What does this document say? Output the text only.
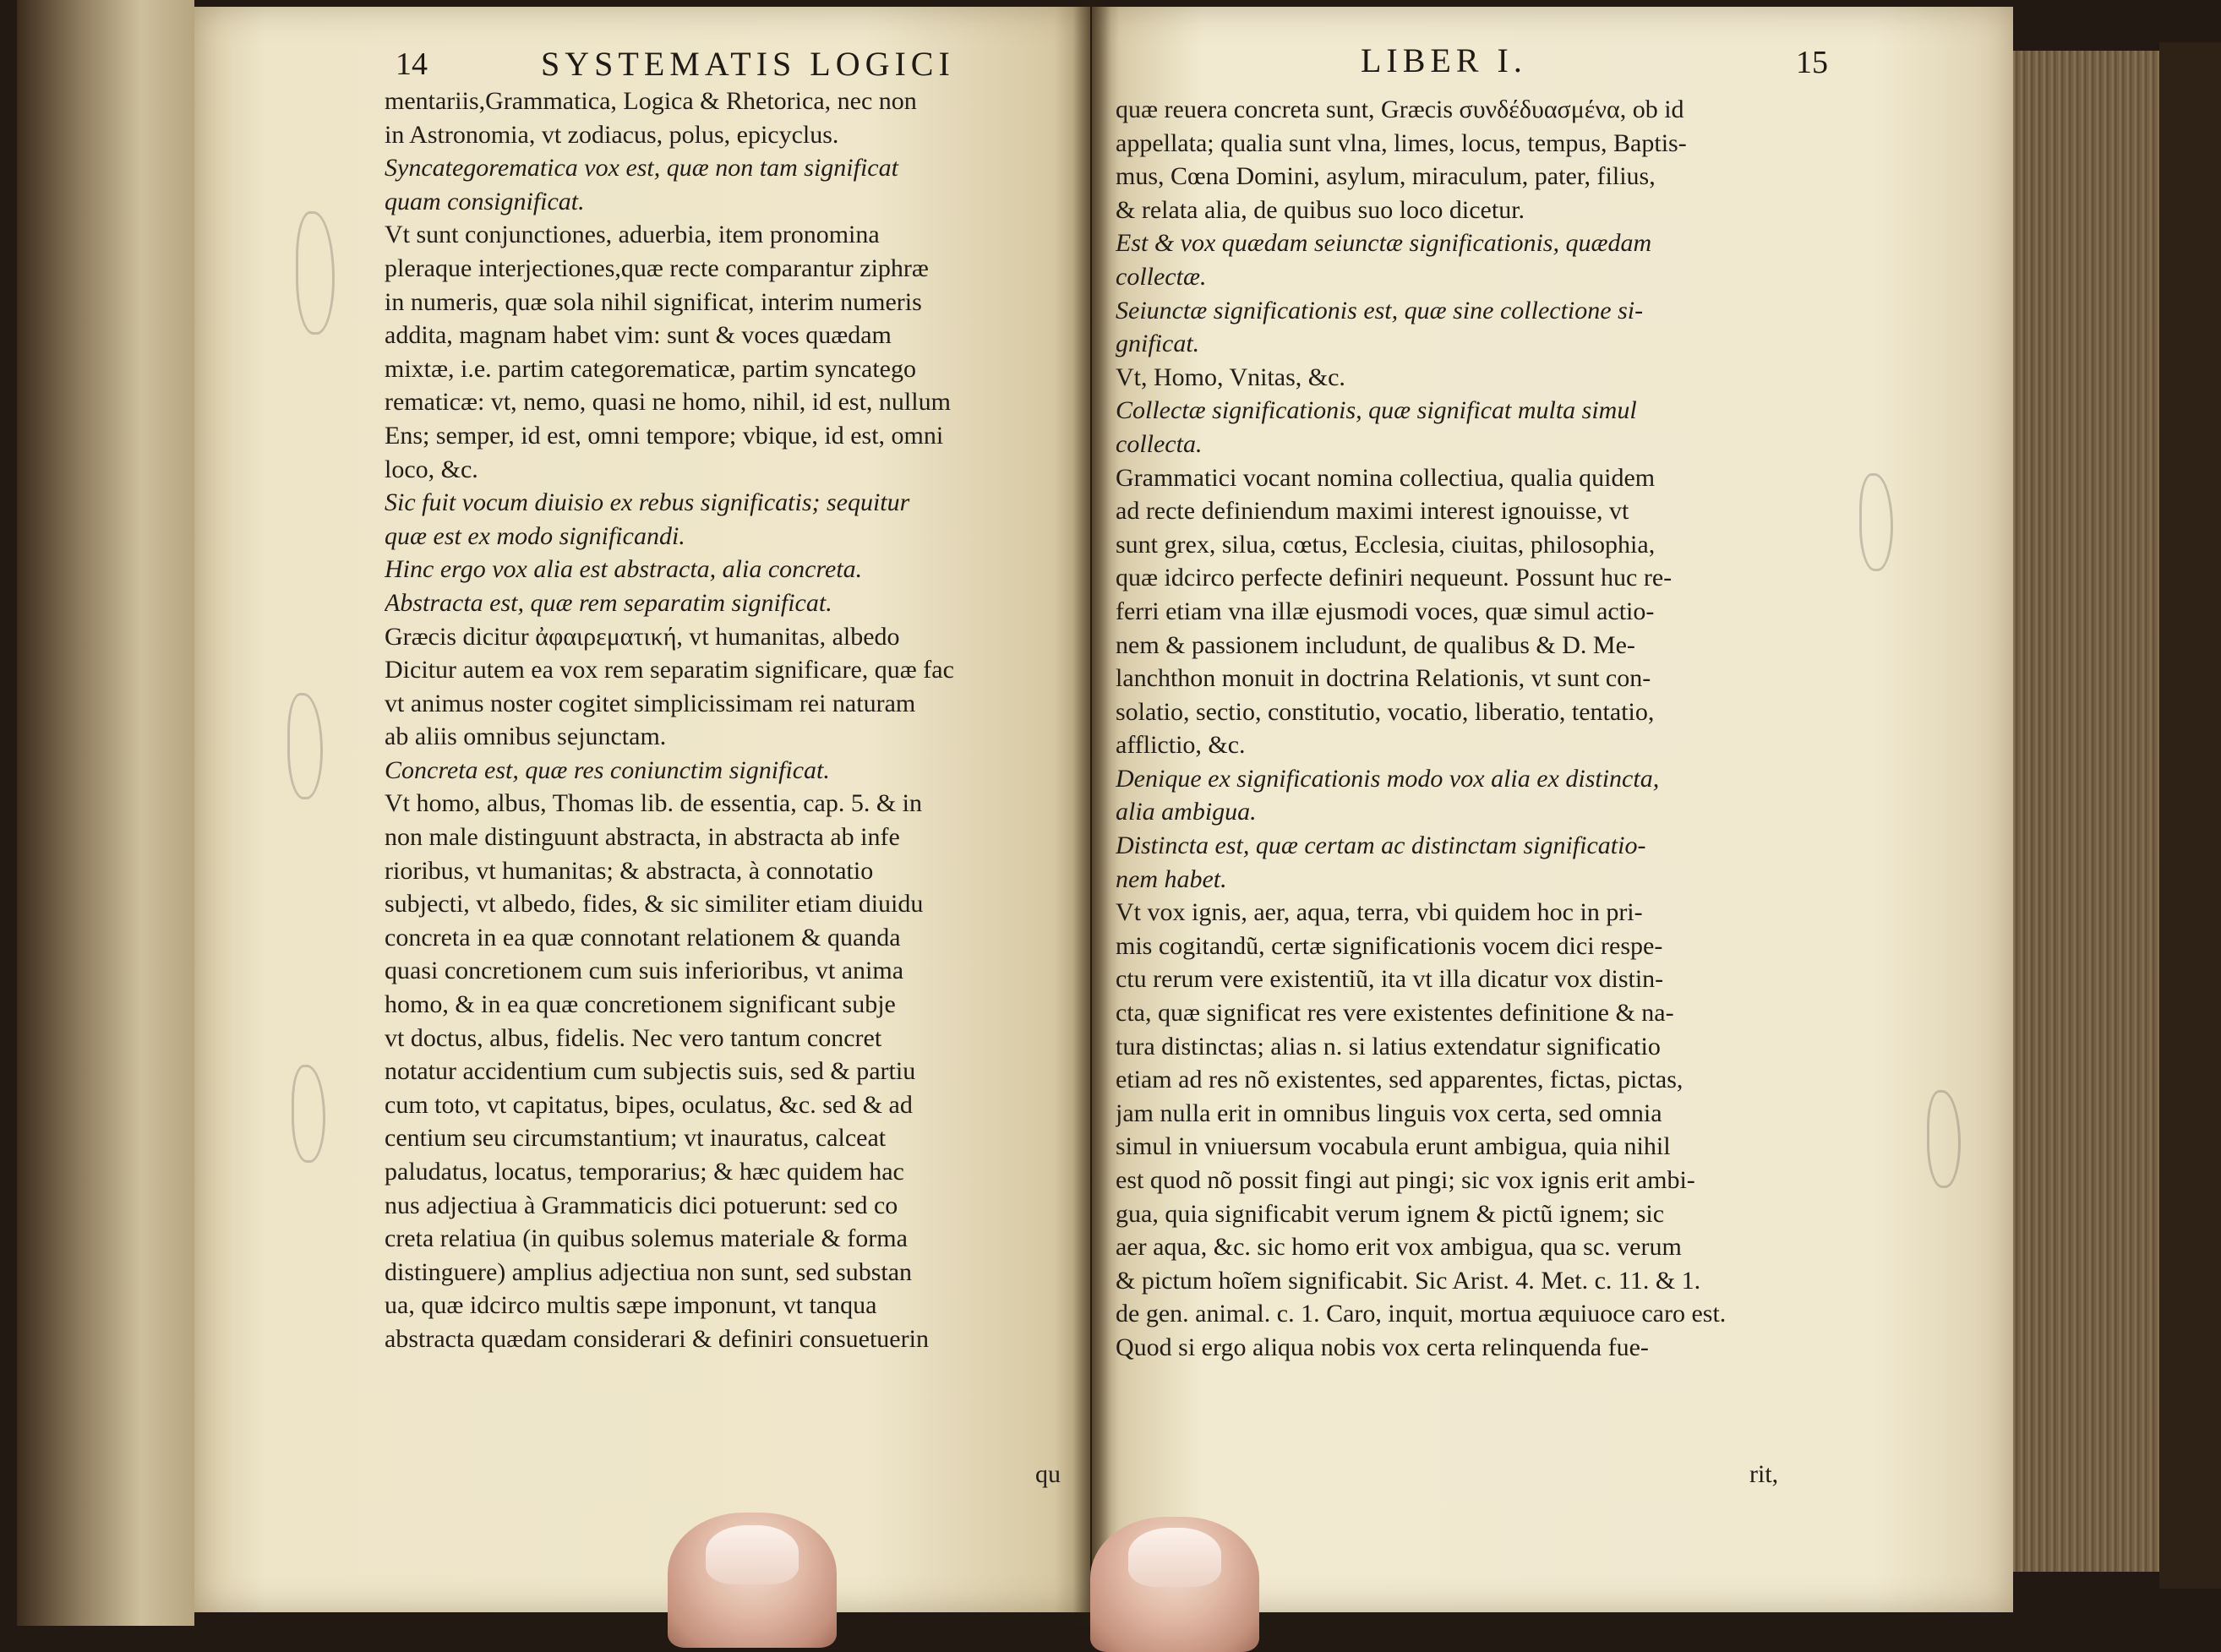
14	SYSTEMATIS LOGICI	LIBER I.	15
mentariis,Grammatica, Logica & Rhetorica, nec non
in Astronomia, vt zodiacus, polus, epicyclus.
Syncategorematica vox est, quæ non tam significat
quam consignificat.
Vt sunt conjunctiones, aduerbia, item pronomina
pleraque interjectiones,quæ recte comparantur ziphræ
in numeris, quæ sola nihil significat, interim numeris
addita, magnam habet vim: sunt & voces quædam
mixtæ, i.e. partim categorematicæ, partim syncatego
rematicæ: vt, nemo, quasi ne homo, nihil, id est, nullum
Ens; semper, id est, omni tempore; vbique, id est, omni
loco, &c.
Sic fuit vocum diuisio ex rebus significatis; sequitur
quæ est ex modo significandi.
Hinc ergo vox alia est abstracta, alia concreta.
Abstracta est, quæ rem separatim significat.
Græcis dicitur ἀφαιρεματική, vt humanitas, albedo
Dicitur autem ea vox rem separatim significare, quæ fac
vt animus noster cogitet simplicissimam rei naturam
ab aliis omnibus sejunctam.
Concreta est, quæ res coniunctim significat.
Vt homo, albus, Thomas lib. de essentia, cap. 5. & in
non male distinguunt abstracta, in abstracta ab infe
rioribus, vt humanitas; & abstracta, à connotatio
subjecti, vt albedo, fides, & sic similiter etiam diuidu
concreta in ea quæ connotant relationem & quanda
quasi concretionem cum suis inferioribus, vt anima
homo, & in ea quæ concretionem significant subje
vt doctus, albus, fidelis. Nec vero tantum concret
notatur accidentium cum subjectis suis, sed & partiu
cum toto, vt capitatus, bipes, oculatus, &c. sed & ad
centium seu circumstantium; vt inauratus, calceat
paludatus, locatus, temporarius; & hæc quidem hac
nus adjectiua à Grammaticis dici potuerunt: sed co
creta relatiua (in quibus solemus materiale & forma
distinguere) amplius adjectiua non sunt, sed substan
ua, quæ idcirco multis sæpe imponunt, vt tanqua
abstracta quædam considerari & definiri consuetuerin
quæ reuera concreta sunt, Græcis συνδέδυασμένα, ob id
appellata; qualia sunt vlna, limes, locus, tempus, Baptis-
mus, Cœna Domini, asylum, miraculum, pater, filius,
& relata alia, de quibus suo loco dicetur.
Est & vox quædam seiunctæ significationis, quædam
collectæ.
Seiunctæ significationis est, quæ sine collectione si-
gnificat.
Vt, Homo, Vnitas, &c.
Collectæ significationis, quæ significat multa simul
collecta.
Grammatici vocant nomina collectiua, qualia quidem
ad recte definiendum maximi interest ignouisse, vt
sunt grex, silua, cœtus, Ecclesia, ciuitas, philosophia,
quæ idcirco perfecte definiri nequeunt. Possunt huc re-
ferri etiam vna illæ ejusmodi voces, quæ simul actio-
nem & passionem includunt, de qualibus & D. Me-
lanchthon monuit in doctrina Relationis, vt sunt con-
solatio, sectio, constitutio, vocatio, liberatio, tentatio,
afflictio, &c.
Denique ex significationis modo vox alia ex distincta,
alia ambigua.
Distincta est, quæ certam ac distinctam significatio-
nem habet.
Vt vox ignis, aer, aqua, terra, vbi quidem hoc in pri-
mis cogitandũ, certæ significationis vocem dici respe-
ctu rerum vere existentiũ, ita vt illa dicatur vox distin-
cta, quæ significat res vere existentes definitione & na-
tura distinctas; alias n. si latius extendatur significatio
etiam ad res nõ existentes, sed apparentes, fictas, pictas,
jam nulla erit in omnibus linguis vox certa, sed omnia
simul in vniuersum vocabula erunt ambigua, quia nihil
est quod nõ possit fingi aut pingi; sic vox ignis erit ambi-
gua, quia significabit verum ignem & pictũ ignem; sic
aer aqua, &c. sic homo erit vox ambigua, qua sc. verum
& pictum hoĩem significabit. Sic Arist. 4. Met. c. 11. & 1.
de gen. animal. c. 1. Caro, inquit, mortua æquiuoce caro est.
Quod si ergo aliqua nobis vox certa relinquenda fue-
qu	rit,
